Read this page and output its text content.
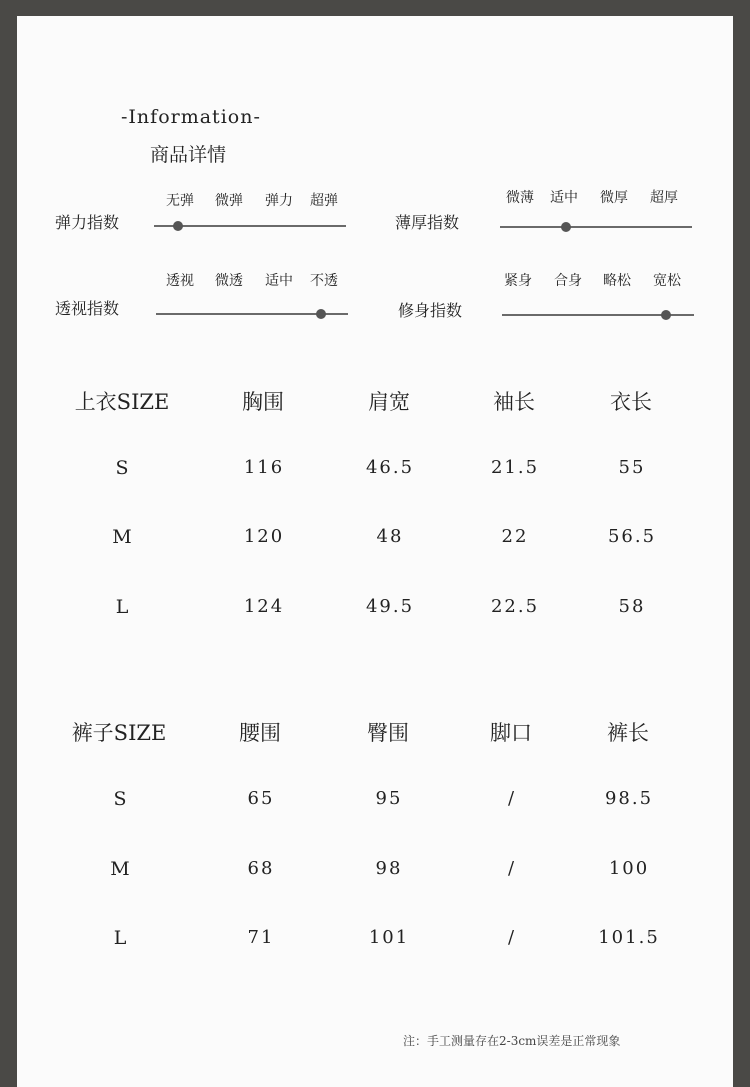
-Information-
商品详情
弹力指数
无弹	微弹	弹力	超弹
薄厚指数
微薄	适中	微厚	超厚
透视指数
透视	微透	适中	不透
修身指数
紧身	合身	略松	宽松
上衣SIZE	胸围	肩宽	袖长	衣长
S	116	46.5	21.5	55
M	120	48	22	56.5
L	124	49.5	22.5	58
裤子SIZE	腰围	臀围	脚口	裤长
S	65	95	/	98.5
M	68	98	/	100
L	71	101	/	101.5
注：手工测量存在2-3cm误差是正常现象
